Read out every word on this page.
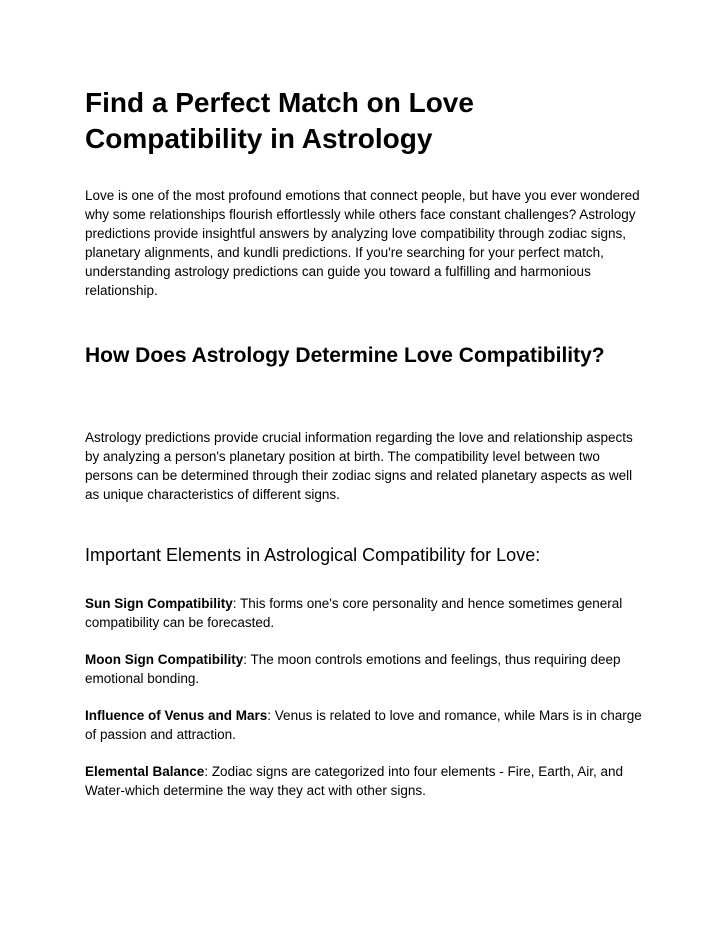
Find a Perfect Match on Love Compatibility in Astrology

Love is one of the most profound emotions that connect people, but have you ever wondered why some relationships flourish effortlessly while others face constant challenges? Astrology predictions provide insightful answers by analyzing love compatibility through zodiac signs, planetary alignments, and kundli predictions. If you're searching for your perfect match, understanding astrology predictions can guide you toward a fulfilling and harmonious relationship.

How Does Astrology Determine Love Compatibility?

Astrology predictions provide crucial information regarding the love and relationship aspects by analyzing a person's planetary position at birth. The compatibility level between two persons can be determined through their zodiac signs and related planetary aspects as well as unique characteristics of different signs.

Important Elements in Astrological Compatibility for Love:

Sun Sign Compatibility: This forms one's core personality and hence sometimes general compatibility can be forecasted.

Moon Sign Compatibility: The moon controls emotions and feelings, thus requiring deep emotional bonding.

Influence of Venus and Mars: Venus is related to love and romance, while Mars is in charge of passion and attraction.

Elemental Balance: Zodiac signs are categorized into four elements - Fire, Earth, Air, and Water-which determine the way they act with other signs.
